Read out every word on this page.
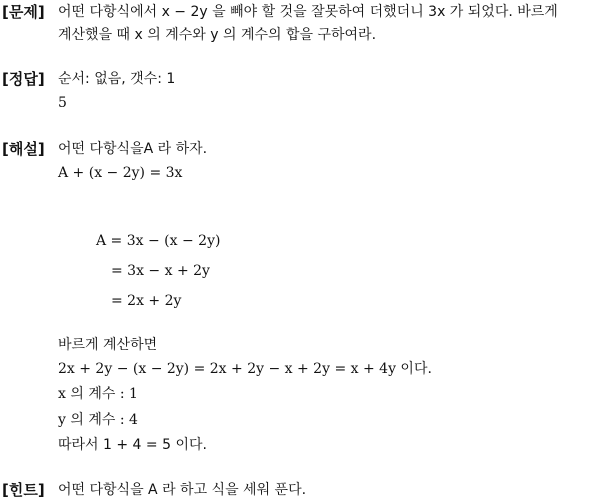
[문제] 어떤 다항식에서 x − 2y 을 빼야 할 것을 잘못하여 더했더니 3x 가 되었다. 바르게
계산했을 때 x 의 계수와 y 의 계수의 합을 구하여라.
[정답] 순서: 없음, 갯수: 1
5
[해설] 어떤 다항식을A 라 하자.
A + (x − 2y) = 3x
A = 3x − (x − 2y)
= 3x − x + 2y
= 2x + 2y
바르게 계산하면
2x + 2y − (x − 2y) = 2x + 2y − x + 2y = x + 4y 이다.
x 의 계수 : 1
y 의 계수 : 4
따라서 1 + 4 = 5 이다.
[힌트] 어떤 다항식을 A 라 하고 식을 세워 푼다.
